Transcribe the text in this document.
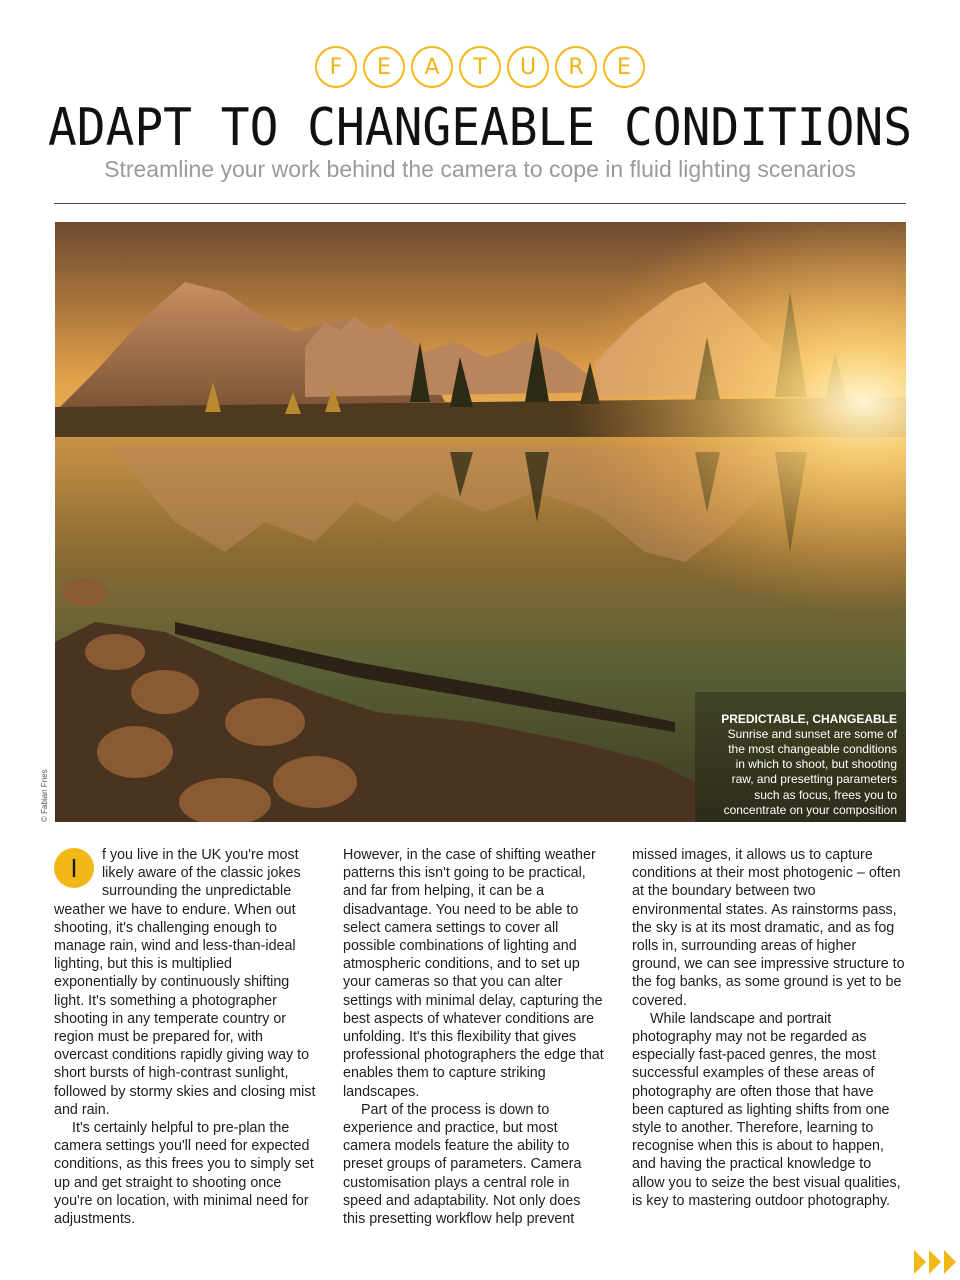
F	E	A	T	U	R	E
ADAPT TO CHANGEABLE CONDITIONS
Streamline your work behind the camera to cope in fluid lighting scenarios
PREDICTABLE, CHANGEABLE
Sunrise and sunset are some of
the most changeable conditions
in which to shoot, but shooting
raw, and presetting parameters
such as focus, frees you to
concentrate on your composition
© Fabian Fries

I	f you live in the UK you're most likely aware of the classic jokes surrounding the unpredictable weather we have to endure. When out shooting, it's challenging enough to manage rain, wind and less-than-ideal lighting, but this is multiplied exponentially by continuously shifting light. It's something a photographer shooting in any temperate country or region must be prepared for, with overcast conditions rapidly giving way to short bursts of high-contrast sunlight, followed by stormy skies and closing mist and rain.

It's certainly helpful to pre-plan the camera settings you'll need for expected conditions, as this frees you to simply set up and get straight to shooting once you're on location, with minimal need for adjustments.

However, in the case of shifting weather patterns this isn't going to be practical, and far from helping, it can be a disadvantage. You need to be able to select camera settings to cover all possible combinations of lighting and atmospheric conditions, and to set up your cameras so that you can alter settings with minimal delay, capturing the best aspects of whatever conditions are unfolding. It's this flexibility that gives professional photographers the edge that enables them to capture striking landscapes.

Part of the process is down to experience and practice, but most camera models feature the ability to preset groups of parameters. Camera customisation plays a central role in speed and adaptability. Not only does this presetting workflow help prevent

missed images, it allows us to capture conditions at their most photogenic – often at the boundary between two environmental states. As rainstorms pass, the sky is at its most dramatic, and as fog rolls in, surrounding areas of higher ground, we can see impressive structure to the fog banks, as some ground is yet to be covered.

While landscape and portrait photography may not be regarded as especially fast-paced genres, the most successful examples of these areas of photography are often those that have been captured as lighting shifts from one style to another. Therefore, learning to recognise when this is about to happen, and having the practical knowledge to allow you to seize the best visual qualities, is key to mastering outdoor photography.
